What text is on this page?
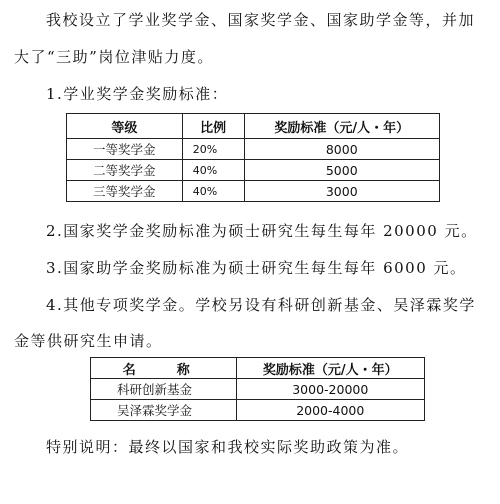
我校设立了学业奖学金、国家奖学金、国家助学金等，并加
大了“三助”岗位津贴力度。
1.学业奖学金奖励标准：
等级	比例	奖励标准（元/人・年）
一等奖学金	20%	8000
二等奖学金	40%	5000
三等奖学金	40%	3000
2.国家奖学金奖励标准为硕士研究生每生每年 20000 元。
3.国家助学金奖励标准为硕士研究生每生每年 6000 元。
4.其他专项奖学金。学校另设有科研创新基金、吴泽霖奖学
金等供研究生申请。
名　称	奖励标准（元/人・年）
科研创新基金	3000-20000
吴泽霖奖学金	2000-4000
特别说明：最终以国家和我校实际奖助政策为准。
